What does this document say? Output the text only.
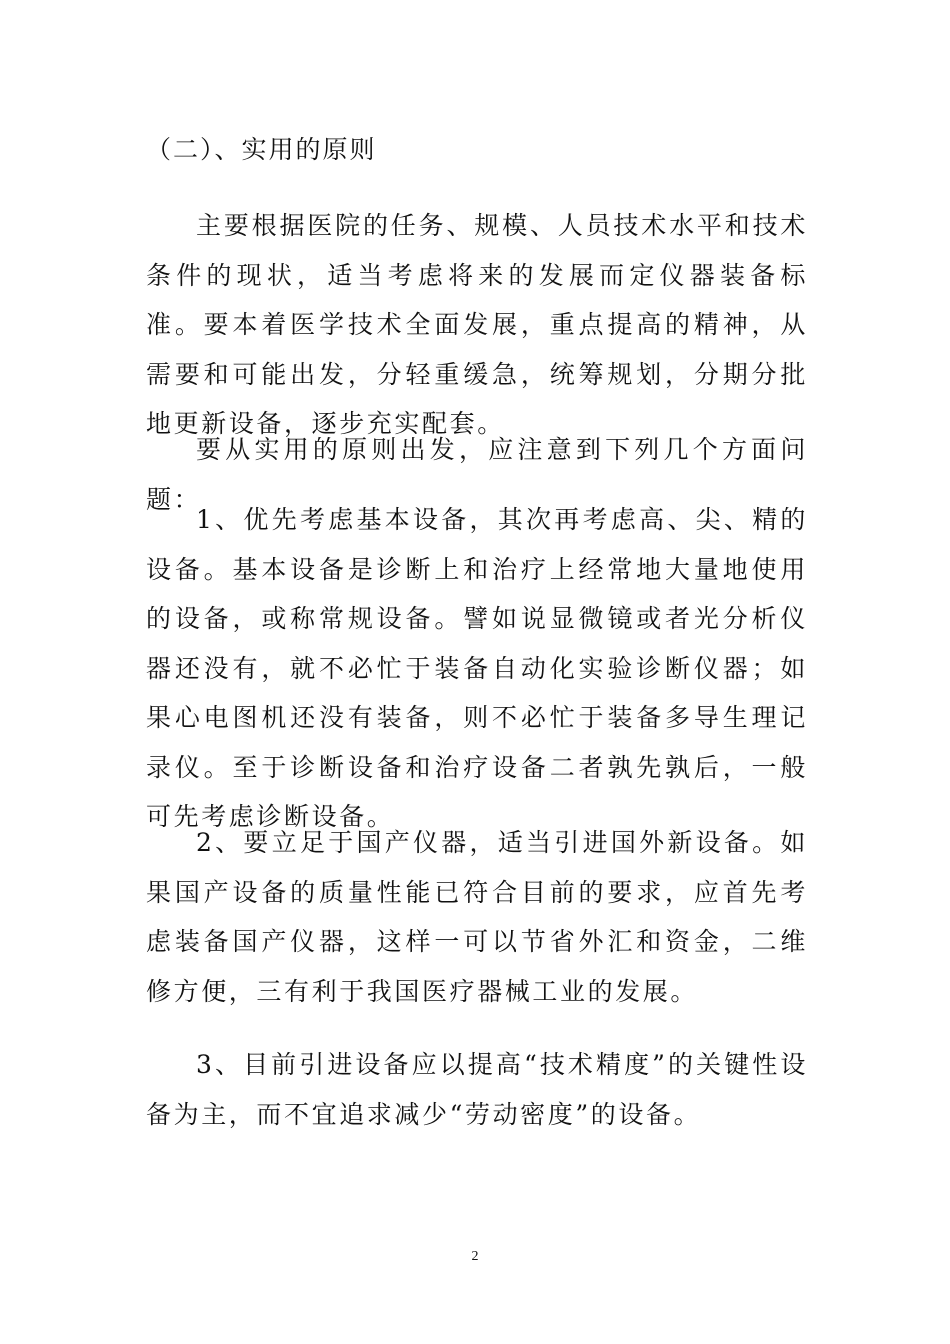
（二）、实用的原则

主要根据医院的任务、规模、人员技术水平和技术条件的现状，适当考虑将来的发展而定仪器装备标准。要本着医学技术全面发展，重点提高的精神，从需要和可能出发，分轻重缓急，统筹规划，分期分批地更新设备，逐步充实配套。

要从实用的原则出发，应注意到下列几个方面问题：

1、优先考虑基本设备，其次再考虑高、尖、精的设备。基本设备是诊断上和治疗上经常地大量地使用的设备，或称常规设备。譬如说显微镜或者光分析仪器还没有，就不必忙于装备自动化实验诊断仪器；如果心电图机还没有装备，则不必忙于装备多导生理记录仪。至于诊断设备和治疗设备二者孰先孰后，一般可先考虑诊断设备。

2、要立足于国产仪器，适当引进国外新设备。如果国产设备的质量性能已符合目前的要求，应首先考虑装备国产仪器，这样一可以节省外汇和资金，二维修方便，三有利于我国医疗器械工业的发展。

3、目前引进设备应以提高“技术精度”的关键性设备为主，而不宜追求减少“劳动密度”的设备。

2
